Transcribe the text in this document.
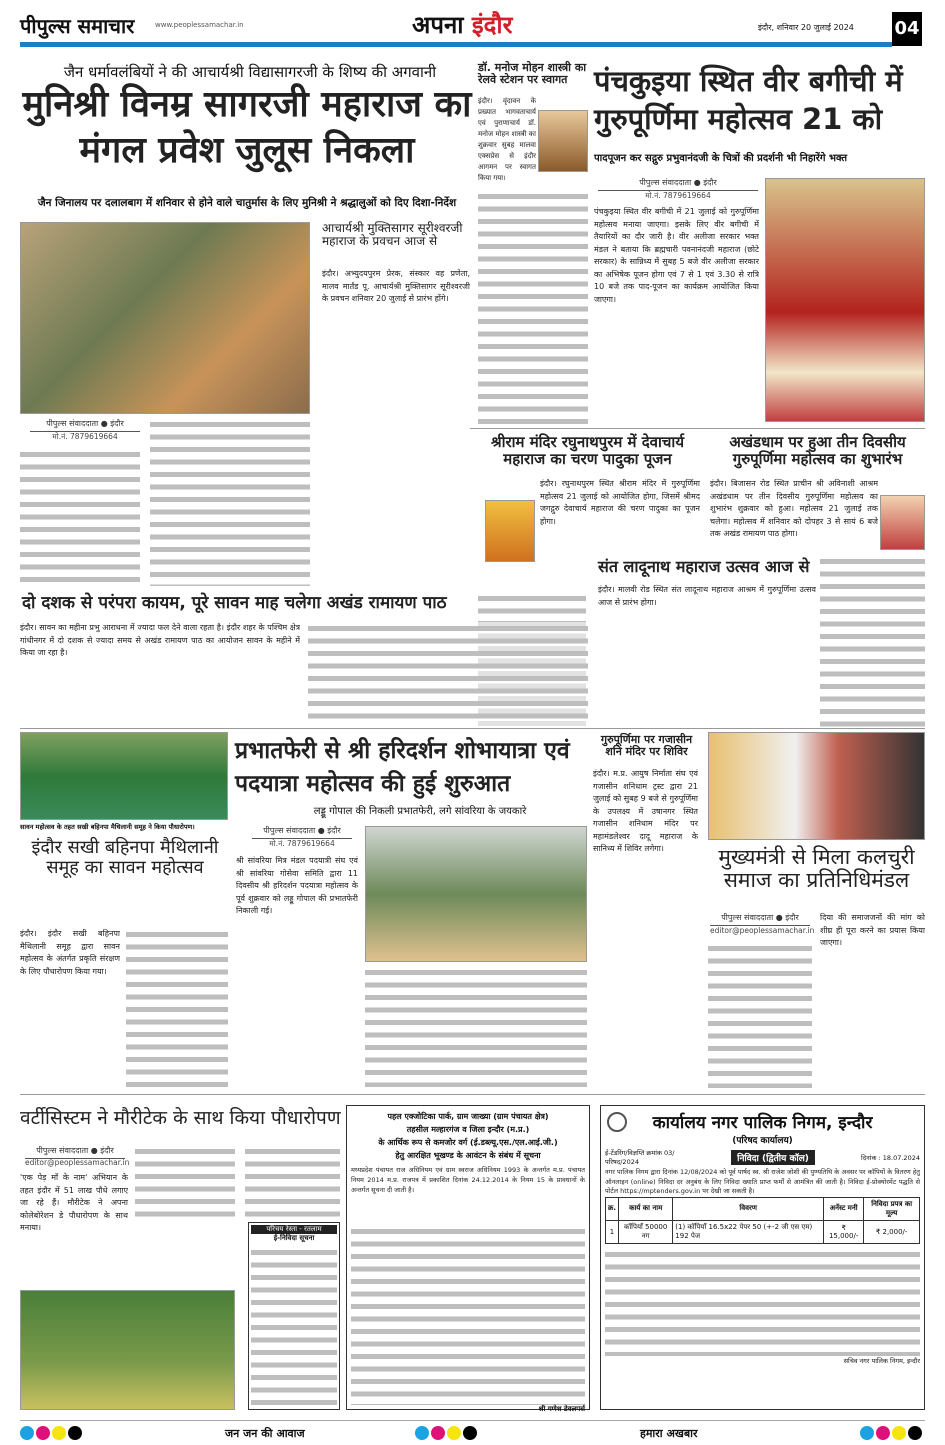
पीपुल्स समाचार	www.peoplessamachar.in	अपना इंदौर	इंदौर, शनिवार 20 जुलाई 2024 04
जैन धर्मावलंबियों ने की आचार्यश्री विद्यासागरजी के शिष्य की अगवानी
मुनिश्री विनम्र सागरजी महाराज का मंगल प्रवेश जुलूस निकला
जैन जिनालय पर दलालबाग में शनिवार से होने वाले चातुर्मास के लिए मुनिश्री ने श्रद्धालुओं को दिए दिशा-निर्देश
आचार्यश्री मुक्तिसागर सूरीश्वरजी महाराज के प्रवचन आज से
इंदौर। अभ्युदयपुरम प्रेरक, संस्कार वह प्रणेता, मालव मार्तंड पू. आचार्यश्री मुक्तिसागर सूरीश्वरजी के प्रवचन शनिवार 20 जुलाई से प्रारंभ होंगे।
पीपुल्स संवाददाता ● इंदौर
मो.नं. 7879619664
डॉ. मनोज मोहन शास्त्री का रेलवे स्टेशन पर स्वागत
इंदौर। वृंदावन के प्रख्यात भागवताचार्य एवं पुराणाचार्य डॉ. मनोज मोहन शास्त्री का शुक्रवार सुबह मालवा एक्सप्रेस से इंदौर आगमन पर स्वागत किया गया।
पंचकुइया स्थित वीर बगीची में गुरुपूर्णिमा महोत्सव 21 को
पादपूजन कर सद्गुरु प्रभुवानंदजी के चित्रों की प्रदर्शनी भी निहारेंगे भक्त
पीपुल्स संवाददाता ● इंदौर
मो.नं. 7879619664
पंचकुइया स्थित वीर बगीची में 21 जुलाई को गुरुपूर्णिमा महोत्सव मनाया जाएगा। इसके लिए वीर बगीची में तैयारियों का दौर जारी है। वीर अलीजा सरकार भक्त मंडल ने बताया कि ब्रह्मचारी पवनानंदजी महाराज (छोटे सरकार) के सान्निध्य में सुबह 5 बजे वीर अलीजा सरकार का अभिषेक पूजन होगा एवं 7 से 1 एवं 3.30 से रात्रि 10 बजे तक पाद-पूजन का कार्यक्रम आयोजित किया जाएगा।
श्रीराम मंदिर रघुनाथपुरम में देवाचार्य महाराज का चरण पादुका पूजन
इंदौर। रघुनाथपुरम स्थित श्रीराम मंदिर में गुरुपूर्णिमा महोत्सव 21 जुलाई को आयोजित होगा, जिसमें श्रीमद जगद्गुरु देवाचार्य महाराज की चरण पादुका का पूजन होगा।
अखंडधाम पर हुआ तीन दिवसीय गुरुपूर्णिमा महोत्सव का शुभारंभ
इंदौर। बिजासन रोड स्थित प्राचीन श्री अविनाशी आश्रम अखंडधाम पर तीन दिवसीय गुरुपूर्णिमा महोत्सव का शुभारंभ शुक्रवार को हुआ। महोत्सव 21 जुलाई तक चलेगा। महोत्सव में शनिवार को दोपहर 3 से सायं 6 बजे तक अखंड रामायण पाठ होगा।
संत लादूनाथ महाराज उत्सव आज से
इंदौर। मालवी रोड स्थित संत लादूनाथ महाराज आश्रम में गुरुपूर्णिमा उत्सव आज से प्रारंभ होगा।
दो दशक से परंपरा कायम, पूरे सावन माह चलेगा अखंड रामायण पाठ
इंदौर। सावन का महीना प्रभु आराधना में ज्यादा फल देने वाला रहता है। इंदौर शहर के पश्चिम क्षेत्र गांधीनगर में दो दशक से ज्यादा समय से अखंड रामायण पाठ का आयोजन सावन के महीने में किया जा रहा है।
सावन महोत्सव के तहत सखी बहिनपा मैथिलानी समूह ने किया पौधारोपण।
इंदौर सखी बहिनपा मैथिलानी समूह का सावन महोत्सव
इंदौर। इंदौर सखी बहिनपा मैथिलानी समूह द्वारा सावन महोत्सव के अंतर्गत प्रकृति संरक्षण के लिए पौधारोपण किया गया।
प्रभातफेरी से श्री हरिदर्शन शोभायात्रा एवं पदयात्रा महोत्सव की हुई शुरुआत
लड्डू गोपाल की निकली प्रभातफेरी, लगे सांवरिया के जयकारे
पीपुल्स संवाददाता ● इंदौर
मो.नं. 7879619664
श्री सांवरिया मित्र मंडल पदयात्री संघ एवं श्री सांवरिया गोसेवा समिति द्वारा 11 दिवसीय श्री हरिदर्शन पदयात्रा महोत्सव के पूर्व शुक्रवार को लड्डू गोपाल की प्रभातफेरी निकाली गई।
गुरुपूर्णिमा पर गजासीन शनि मंदिर पर शिविर
इंदौर। म.प्र. आयुष निर्माता संघ एवं गजासीन शनिधाम ट्रस्ट द्वारा 21 जुलाई को सुबह 9 बजे से गुरुपूर्णिमा के उपलक्ष्य में उषानगर स्थित गजासीन शनिधाम मंदिर पर महामंडलेश्वर दादू महाराज के सानिध्य में शिविर लगेगा।	मुख्यमंत्री से मिला कलचुरी समाज का प्रतिनिधिमंडल
पीपुल्स संवाददाता ● इंदौर
editor@peoplessamachar.in
दिया की समाजजनों की मांग को शीघ्र ही पूरा करने का प्रयास किया जाएगा।
वर्टीसिस्टम ने मौरीटेक के साथ किया पौधारोपण
पीपुल्स संवाददाता ● इंदौर
editor@peoplessamachar.in
'एक पेड़ माँ के नाम' अभियान के तहत इंदौर में 51 लाख पौधे लगाए जा रहे हैं। मौरीटेक ने अपना कोलेबोरेशन डे पौधारोपण के साथ मनाया।	परिचय रेस्ता - रतलाम
ई-निविदा सूचना
पहल एक्जोटिका पार्क, ग्राम जाख्या (ग्राम पंचायत क्षेत्र)
तहसील मल्हारगंज व जिला इन्दौर (म.प्र.)
के आर्थिक रूप से कमजोर वर्ग (ई.डब्ल्यू.एस./एल.आई.जी.)
हेतु आरक्षित भूखण्ड के आवंटन के संबंध में सूचना
मध्यप्रदेश पंचायत राज अधिनियम एवं ग्राम स्वराज अधिनियम 1993 के अन्तर्गत म.प्र. पंचायत नियम 2014 म.प्र. राजपत्र में प्रकाशित दिनांक 24.12.2014 के नियम 15 के प्रावधानों के अन्तर्गत सूचना दी जाती है।
श्री गणेश डेवलपर्स
कार्यालय नगर पालिक निगम, इन्दौर
(परिषद कार्यालय)
ई-टेंडरिंग/विज्ञप्ति क्रमांक 03/परिषद/2024	निविदा (द्वितीय कॉल)	दिनांक : 18.07.2024
नगर पालिक निगम द्वारा दिनांक 12/08/2024 को पूर्व पार्षद स्व. श्री राजेश जोशी की पुण्यतिथि के अवसर पर कॉपियों के वितरण हेतु ऑनलाइन (online) निविदा दर अनुबंध के लिए निविदा ख्याति प्राप्त फर्मों से आमंत्रित की जाती है। निविदा ई-प्रोक्योरमेंट पद्धति से पोर्टल https://mptenders.gov.in पर देखी जा सकती है।
क्र.	कार्य का नाम	विवरण	अर्नेस्ट मनी	निविदा प्रपत्र का मूल्य
1	कॉपियाँ 50000 नग	(1) कॉपियाँ 16.5x22 पेपर 50 (+-2 जी एस एम) 192 पेज	₹ 15,000/-	₹ 2,000/-
सचिव नगर पालिक निगम, इन्दौर
जन जन की आवाज	हमारा अखबार
